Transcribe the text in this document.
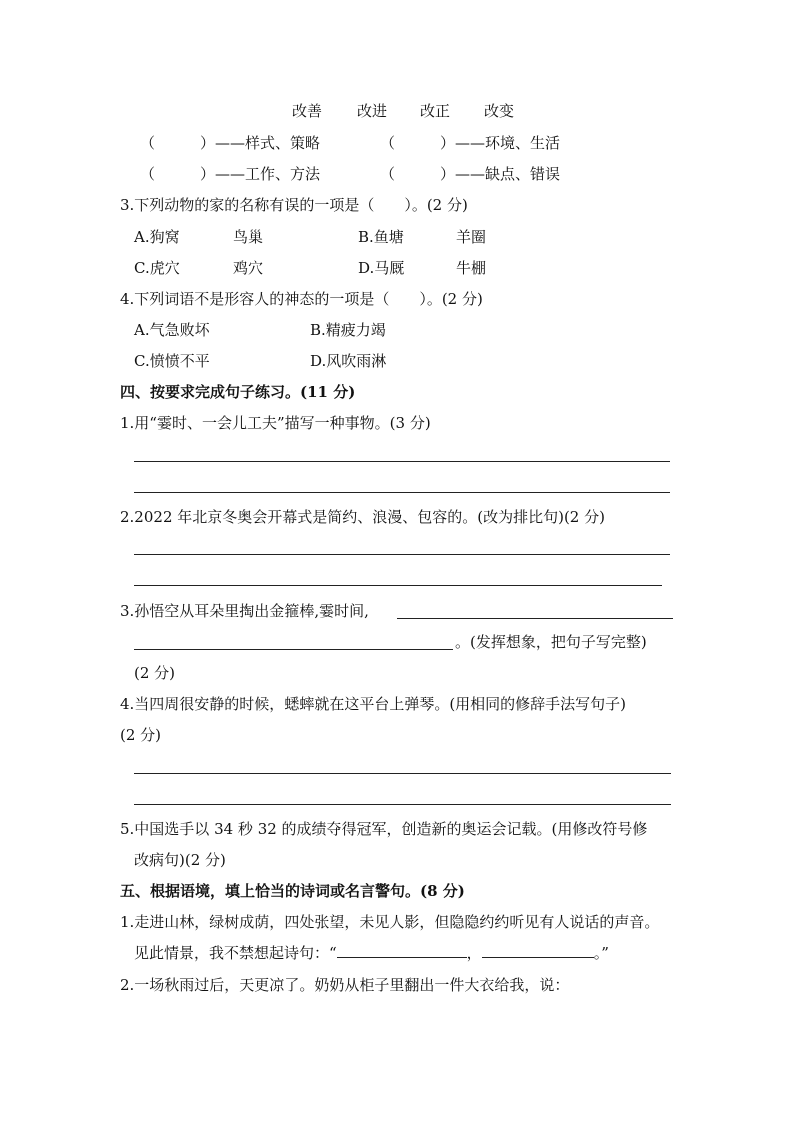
改善 改进 改正 改变
（	）——样式、策略	（	）——环境、生活
（	）——工作、方法	（	）——缺点、错误
3.下列动物的家的名称有误的一项是（　　）。(2 分)
A.狗窝	鸟巢	B.鱼塘	羊圈
C.虎穴	鸡穴	D.马厩	牛棚
4.下列词语不是形容人的神态的一项是（　　）。(2 分)
A.气急败坏	B.精疲力竭
C.愤愤不平	D.风吹雨淋
四、按要求完成句子练习。(11 分)
1.用“霎时、一会儿工夫”描写一种事物。(3 分)
2.2022 年北京冬奥会开幕式是简约、浪漫、包容的。(改为排比句)(2 分)
3.孙悟空从耳朵里掏出金箍棒,霎时间,
。(发挥想象，把句子写完整)
(2 分)
4.当四周很安静的时候，蟋蟀就在这平台上弹琴。(用相同的修辞手法写句子)
(2 分)
5.中国选手以 34 秒 32 的成绩夺得冠军，创造新的奥运会记载。(用修改符号修
改病句)(2 分)
五、根据语境，填上恰当的诗词或名言警句。(8 分)
1.走进山林，绿树成荫，四处张望，未见人影，但隐隐约约听见有人说话的声音。
见此情景，我不禁想起诗句：“	，	。”
2.一场秋雨过后，天更凉了。奶奶从柜子里翻出一件大衣给我，说：
